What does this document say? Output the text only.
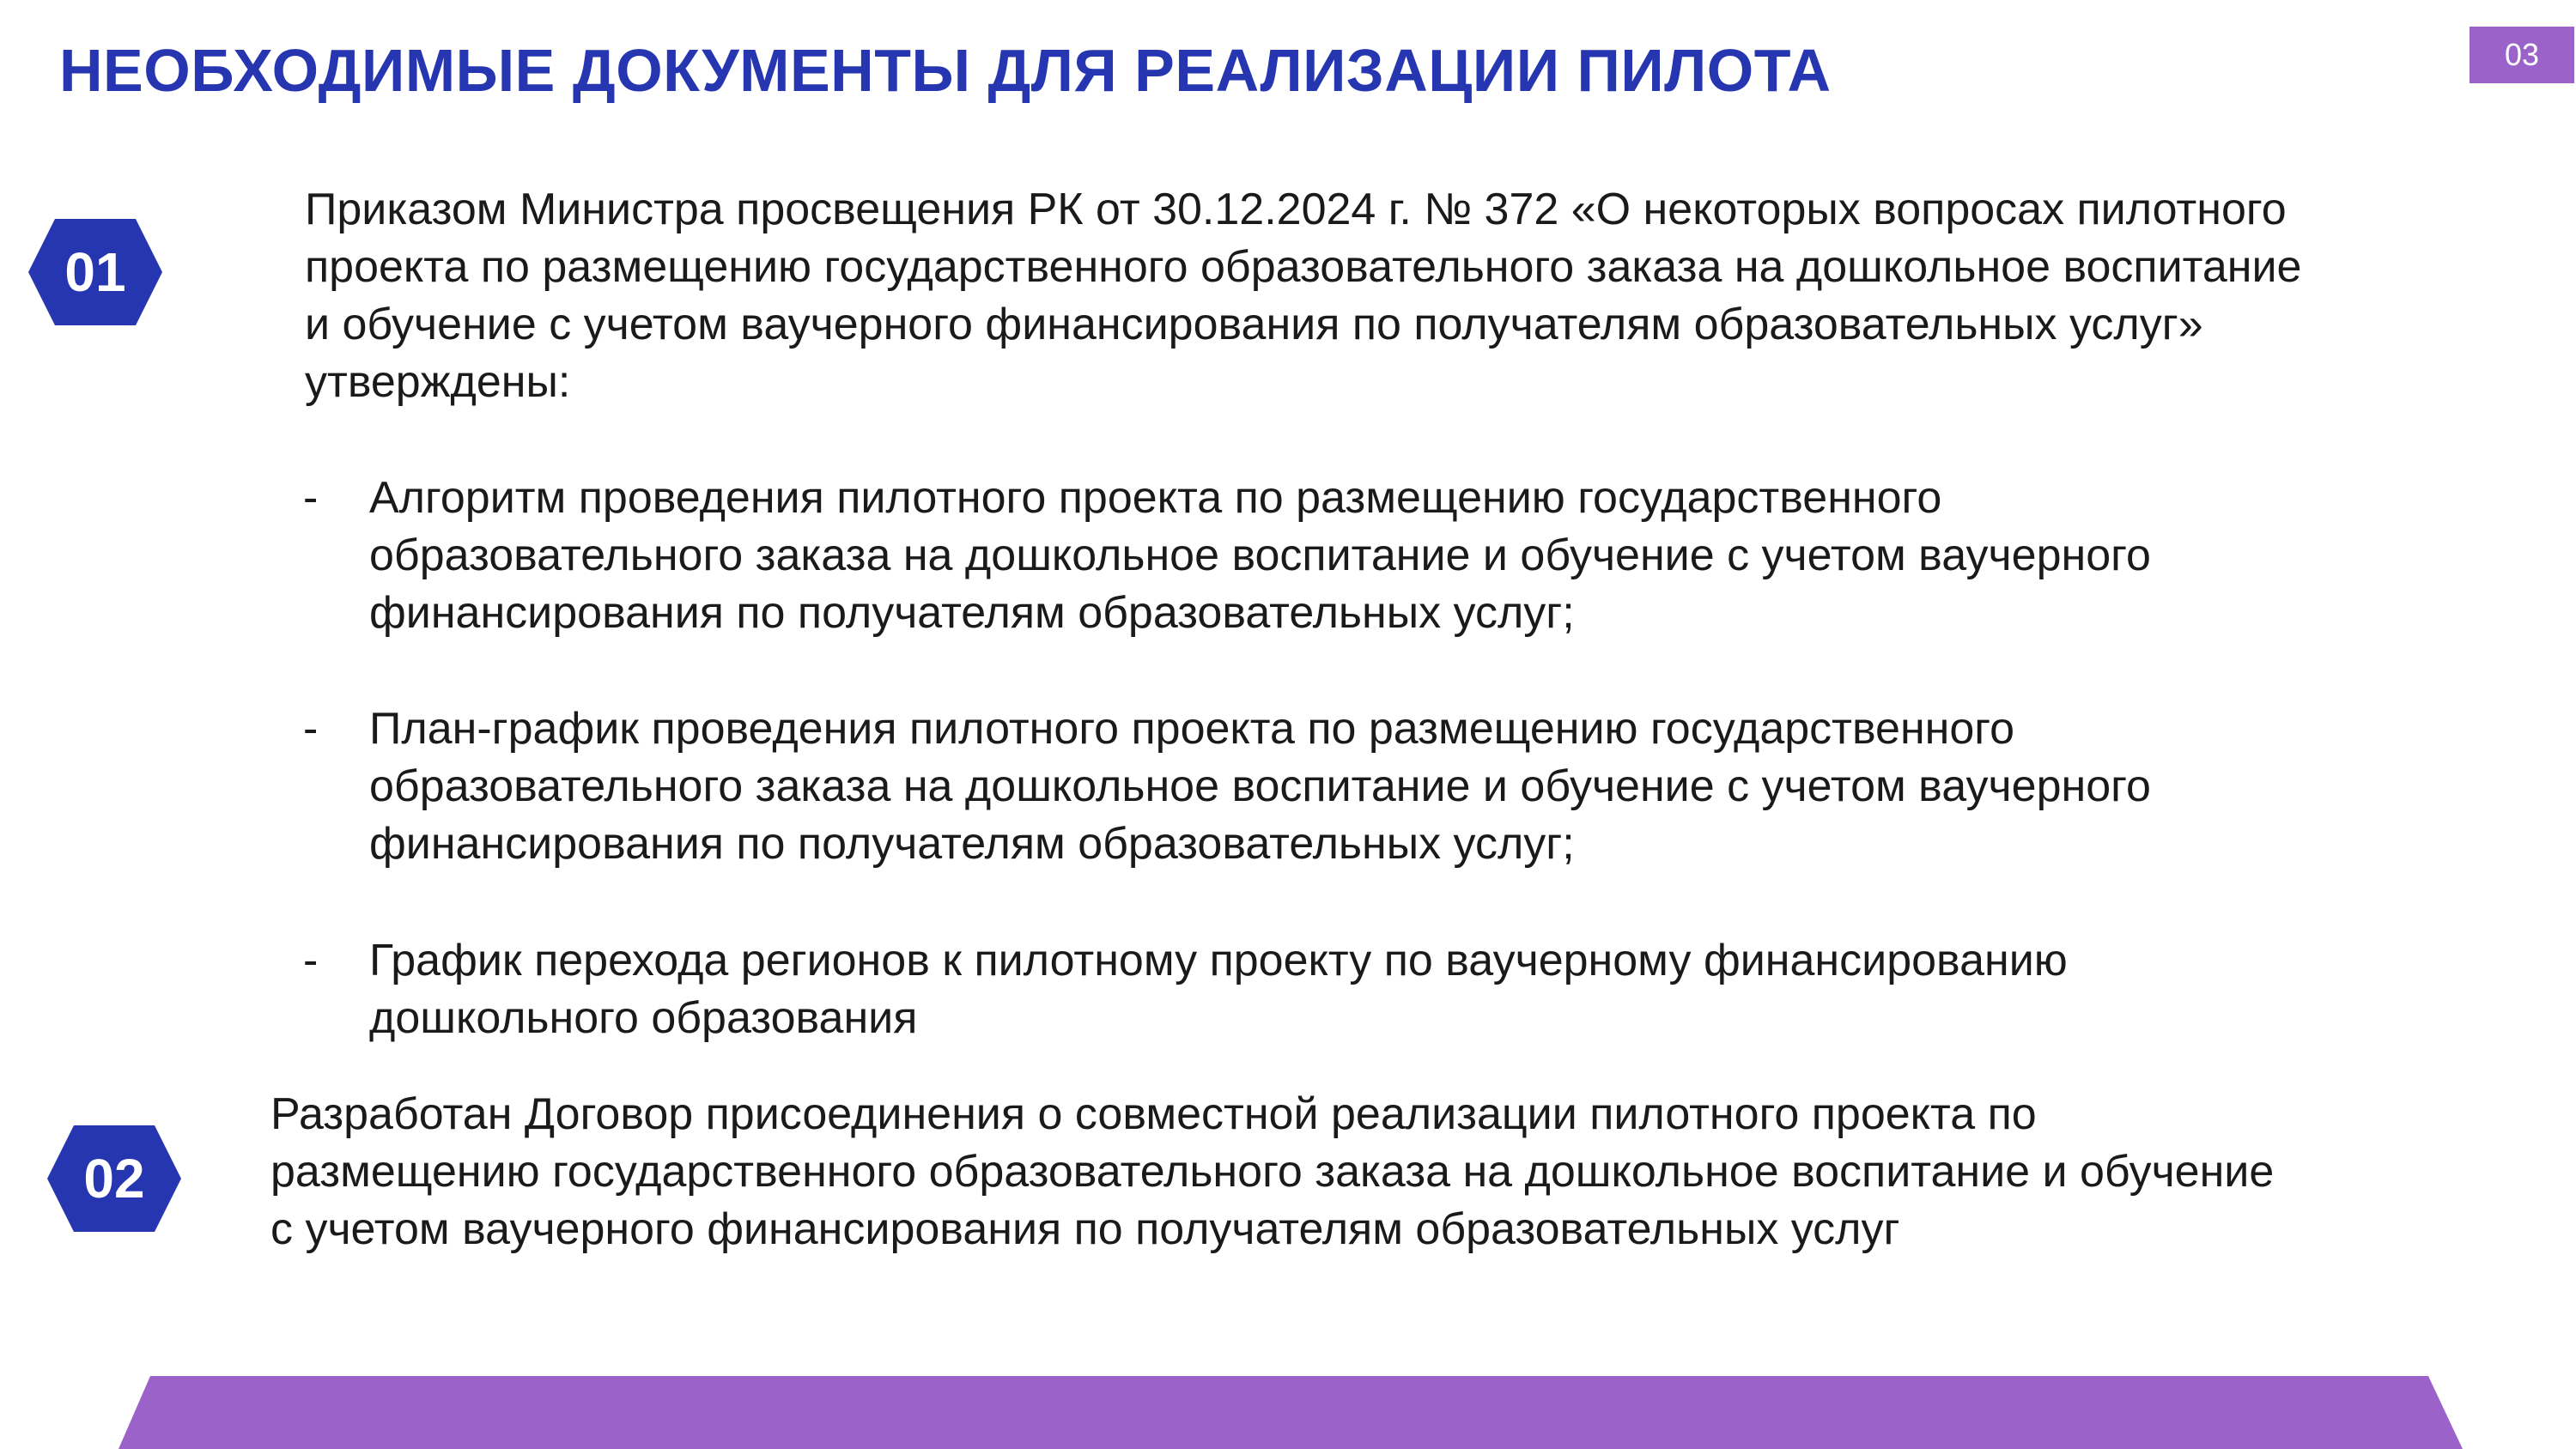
НЕОБХОДИМЫЕ ДОКУМЕНТЫ ДЛЯ РЕАЛИЗАЦИИ ПИЛОТА	03
01
Приказом Министра просвещения РК от 30.12.2024 г. № 372 «О некоторых вопросах пилотного
проекта по размещению государственного образовательного заказа на дошкольное воспитание
и обучение с учетом ваучерного финансирования по получателям образовательных услуг»
утверждены:
- Алгоритм проведения пилотного проекта по размещению государственного
образовательного заказа на дошкольное воспитание и обучение с учетом ваучерного
финансирования по получателям образовательных услуг;
- План-график проведения пилотного проекта по размещению государственного
образовательного заказа на дошкольное воспитание и обучение с учетом ваучерного
финансирования по получателям образовательных услуг;
- График перехода регионов к пилотному проекту по ваучерному финансированию
дошкольного образования
02
Разработан Договор присоединения о совместной реализации пилотного проекта по
размещению государственного образовательного заказа на дошкольное воспитание и обучение
с учетом ваучерного финансирования по получателям образовательных услуг
